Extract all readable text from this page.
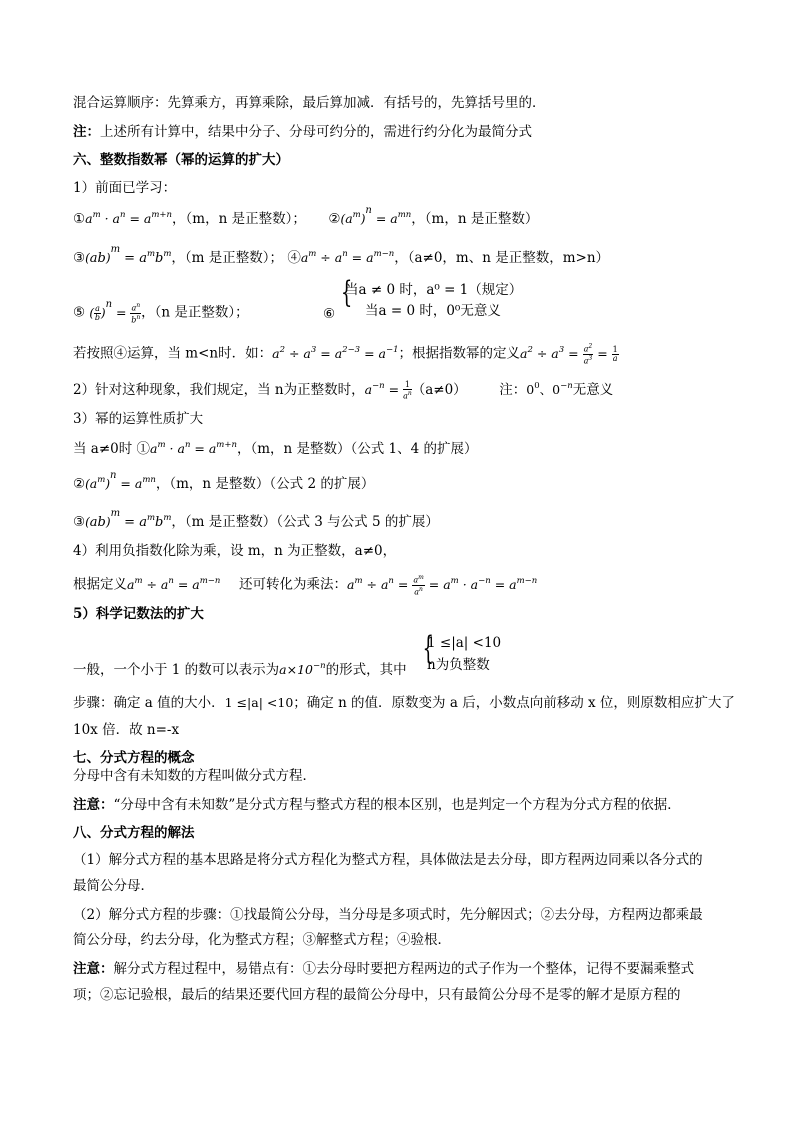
混合运算顺序：先算乘方，再算乘除，最后算加减．有括号的，先算括号里的．
注：上述所有计算中，结果中分子、分母可约分的，需进行约分化为最简分式
六、整数指数幂（幂的运算的扩大）
1）前面已学习：
$①a^m \cdot a^n = a^{m+n}$，（m，n 是正整数）； $②(a^m)^n = a^{mn}$，（m，n 是正整数）
③(ab)$^m$ = $a^mb^m$，（m 是正整数）； $④a^m \div a^n = a^{m-n}$，（a≠0，m、n 是正整数，m>n）
⑤ ( $\frac{a}{b} )^n = \frac{a^n}{b^n}$ ，（n 是正整数）；	⑥
{
当a ≠ 0 时，a⁰ = 1（规定）
当a = 0 时，0⁰无意义
若按照④运算，当 m<n时．如：$a^2 \div a^3 = a^{2-3} = a^{-1}$；根据指数幂的定义$a^2 \div a^3 = \frac{a^2}{a^3} = \frac{1}{a}$
2）针对这种现象，我们规定，当 n为正整数时，$a^{-n} = \frac{1}{a^n} (a\ne 0)$ 注：$0^0$、$0^{-n}$无意义
3）幂的运算性质扩大
当 a≠0时 $①a^m \cdot a^n = a^{m+n}$，（m，n 是整数）（公式 1、4 的扩展）
$②(a^m)^n = a^{mn}$，（m，n 是整数）（公式 2 的扩展）
③(ab)$^m$ = $a^mb^m$，（m 是正整数）（公式 3 与公式 5 的扩展）
4）利用负指数化除为乘，设 m，n 为正整数，a≠0，
根据定义$a^m \div a^n = a^{m-n}$ 还可转化为乘法：$a^m \div a^n = \frac{a^m}{a^n} = a^m \cdot a^{-n} = a^{m-n}$
5）科学记数法的扩大
{
1 ≤|a| <10
n为负整数
一般，一个小于 1 的数可以表示为$a\times 10^{-n}$的形式，其中
步骤：确定 a 值的大小．1 ≤|a| <10；确定 n 的值．原数变为 a 后，小数点向前移动 x 位，则原数相应扩大了
10x 倍．故 n=-x
七、分式方程的概念
分母中含有未知数的方程叫做分式方程．
注意：“分母中含有未知数”是分式方程与整式方程的根本区别，也是判定一个方程为分式方程的依据．
八、分式方程的解法
（1）解分式方程的基本思路是将分式方程化为整式方程，具体做法是去分母，即方程两边同乘以各分式的
最简公分母．
（2）解分式方程的步骤：①找最简公分母，当分母是多项式时，先分解因式；②去分母，方程两边都乘最
简公分母，约去分母，化为整式方程；③解整式方程；④验根．
注意：解分式方程过程中，易错点有：①去分母时要把方程两边的式子作为一个整体，记得不要漏乘整式
项；②忘记验根，最后的结果还要代回方程的最简公分母中，只有最简公分母不是零的解才是原方程的
